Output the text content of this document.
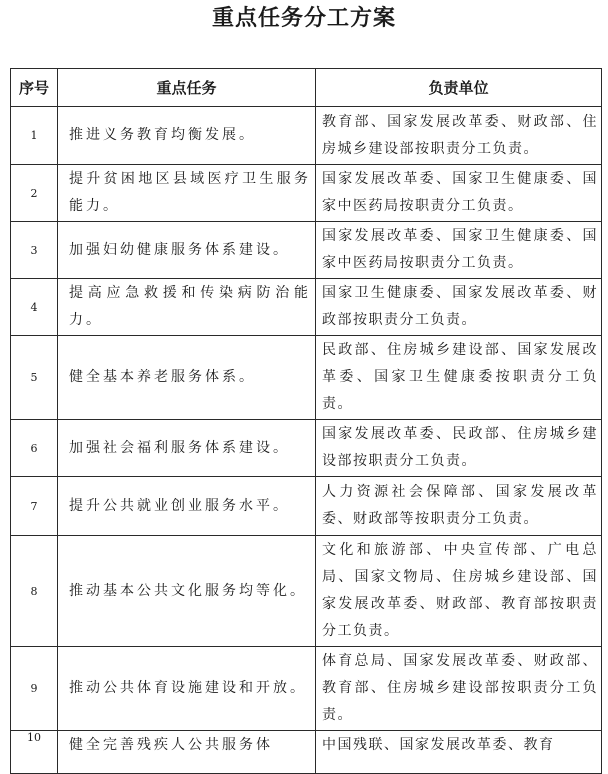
重点任务分工方案
序号	重点任务	负责单位
1	推进义务教育均衡发展。	教育部、国家发展改革委、财政部、住房城乡建设部按职责分工负责。
2	提升贫困地区县域医疗卫生服务能力。	国家发展改革委、国家卫生健康委、国家中医药局按职责分工负责。
3	加强妇幼健康服务体系建设。	国家发展改革委、国家卫生健康委、国家中医药局按职责分工负责。
4	提高应急救援和传染病防治能力。	国家卫生健康委、国家发展改革委、财政部按职责分工负责。
5	健全基本养老服务体系。	民政部、住房城乡建设部、国家发展改革委、国家卫生健康委按职责分工负责。
6	加强社会福利服务体系建设。	国家发展改革委、民政部、住房城乡建设部按职责分工负责。
7	提升公共就业创业服务水平。	人力资源社会保障部、国家发展改革委、财政部等按职责分工负责。
8	推动基本公共文化服务均等化。	文化和旅游部、中央宣传部、广电总局、国家文物局、住房城乡建设部、国家发展改革委、财政部、教育部按职责分工负责。
9	推动公共体育设施建设和开放。	体育总局、国家发展改革委、财政部、教育部、住房城乡建设部按职责分工负责。
10	健全完善残疾人公共服务体	中国残联、国家发展改革委、教育
